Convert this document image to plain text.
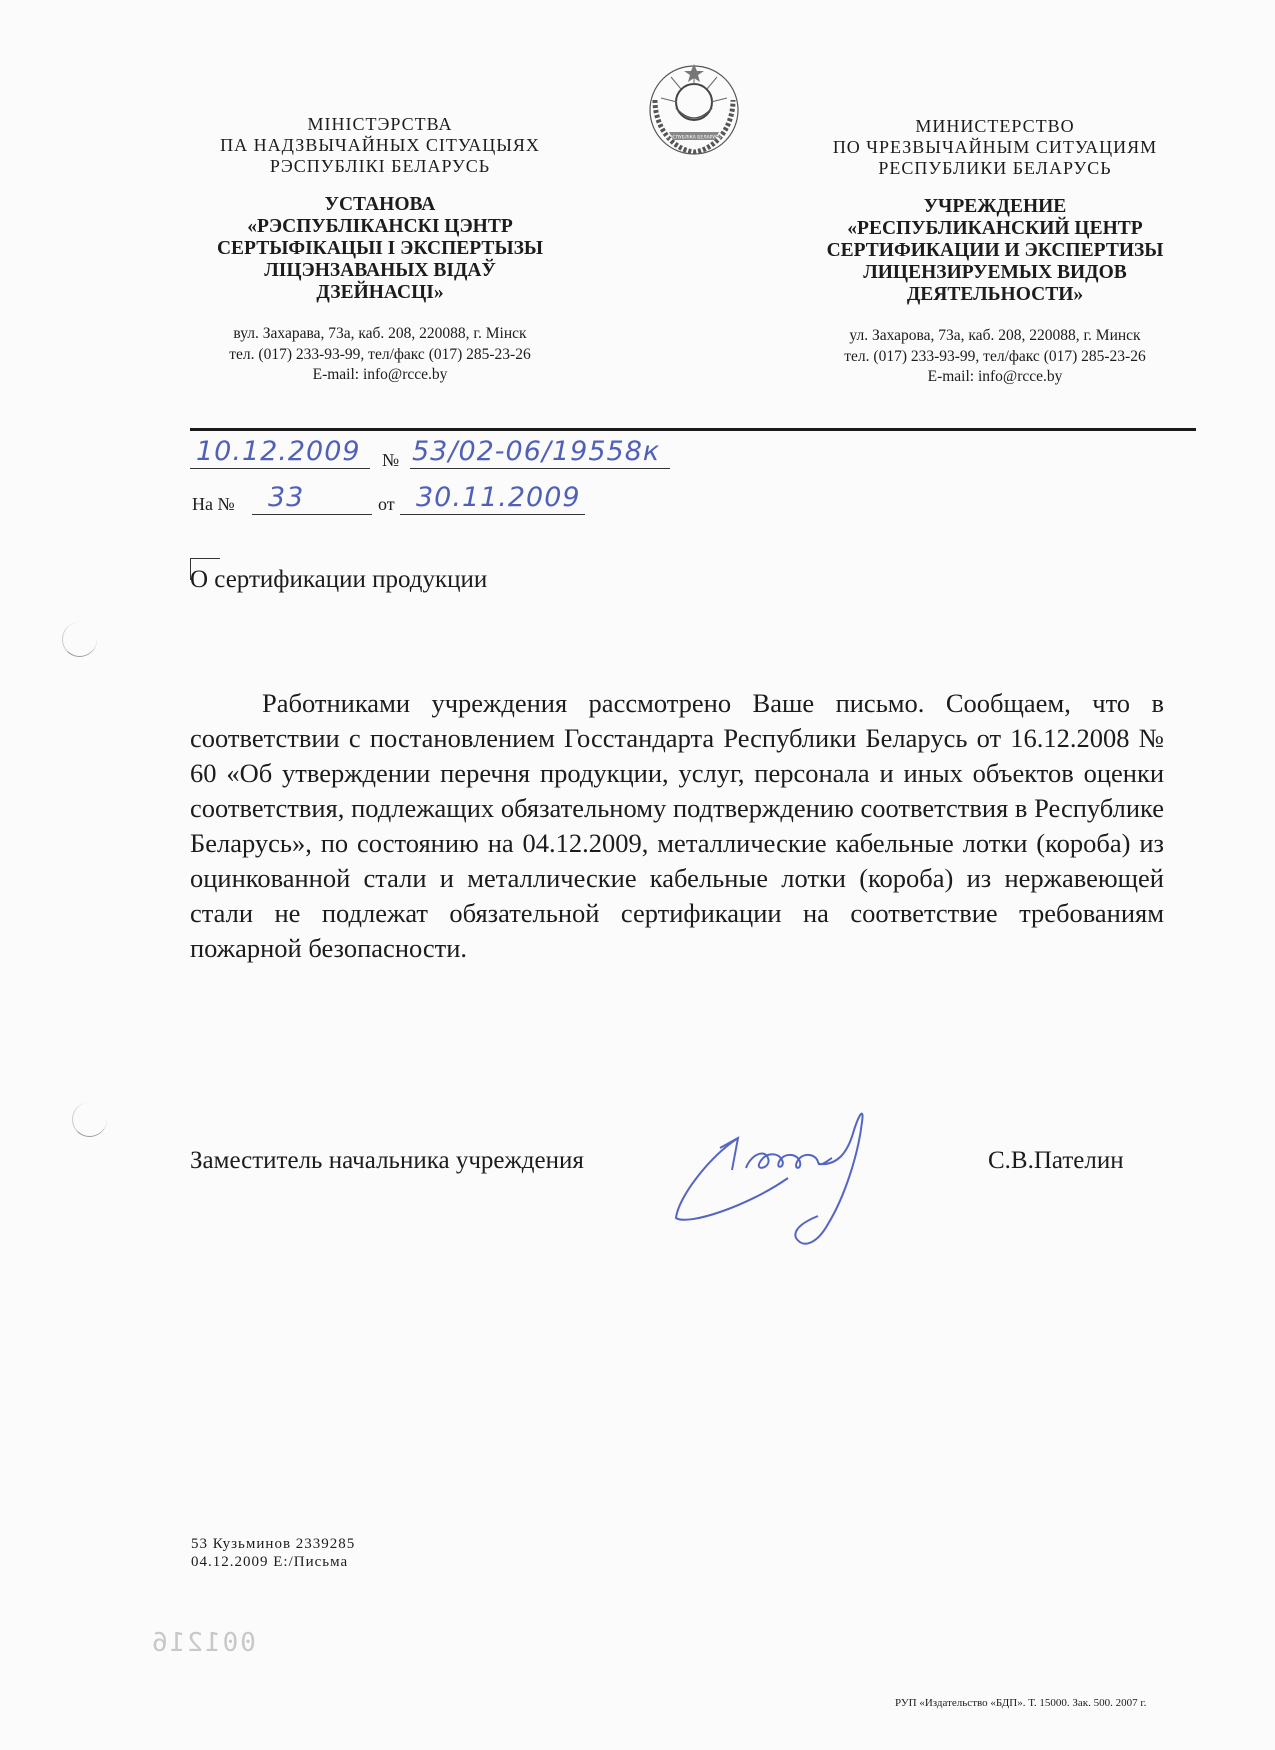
МІНІСТЭРСТВА
ПА НАДЗВЫЧАЙНЫХ СІТУАЦЫЯХ
РЭСПУБЛІКІ БЕЛАРУСЬ
УСТАНОВА
«РЭСПУБЛІКАНСКІ ЦЭНТР
СЕРТЫФІКАЦЫІ І ЭКСПЕРТЫЗЫ
ЛІЦЭНЗАВАНЫХ ВІДАЎ
ДЗЕЙНАСЦІ»
вул. Захарава, 73а, каб. 208, 220088, г. Мінск
тел. (017) 233-93-99, тел/факс (017) 285-23-26
E-mail: info@rcce.by
РЭСПУБЛІКА БЕЛАРУСЬ
МИНИСТЕРСТВО
ПО ЧРЕЗВЫЧАЙНЫМ СИТУАЦИЯМ
РЕСПУБЛИКИ БЕЛАРУСЬ
УЧРЕЖДЕНИЕ
«РЕСПУБЛИКАНСКИЙ ЦЕНТР
СЕРТИФИКАЦИИ И ЭКСПЕРТИЗЫ
ЛИЦЕНЗИРУЕМЫХ ВИДОВ
ДЕЯТЕЛЬНОСТИ»
ул. Захарова, 73а, каб. 208, 220088, г. Минск
тел. (017) 233-93-99, тел/факс (017) 285-23-26
E-mail: info@rcce.by
10.12.2009 № 53/02-06/19558к
На № 33	от 30.11.2009
О сертификации продукции

Работниками учреждения рассмотрено Ваше письмо. Сообщаем, что в соответствии с постановлением Госстандарта Республики Беларусь от 16.12.2008 № 60 «Об утверждении перечня продукции, услуг, персонала и иных объектов оценки соответствия, подлежащих обязательному подтверждению соответствия в Республике Беларусь», по состоянию на 04.12.2009, металлические кабельные лотки (короба) из оцинкованной стали и металлические кабельные лотки (короба) из нержавеющей стали не подлежат обязательной сертификации на соответствие требованиям пожарной безопасности.

Заместитель начальника учреждения	С.В.Пателин
53 Кузьминов 2339285
04.12.2009 E:/Письма
001216
РУП «Издательство «БДП». Т. 15000. Зак. 500. 2007 г.
